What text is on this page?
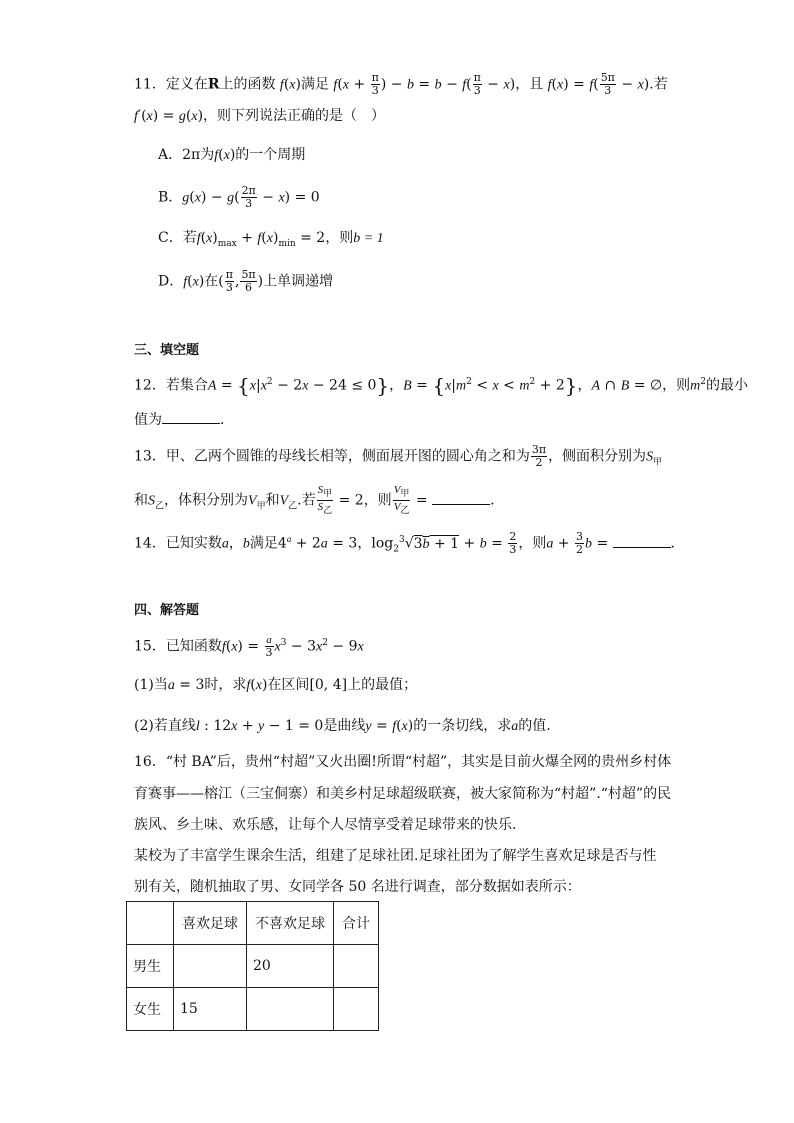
11．定义在R上的函数 f(x)满足 $f(x + \frac{\pi}{3}$ ) − $b = b - f( \frac{\pi}{3} - x)$，且 $f(x) = f( \frac{5\pi}{3} - x)$.若
f′(x) = g(x)，则下列说法正确的是（　）
A．2π为f(x)的一个周期
B．$g(x) - g( \frac{2\pi}{3} - x) = 0$
C．若$f(x)_{max} + f(x)_{min} = 2$，则b = 1
D．f(x)在( $\frac{\pi}{3}$ , $\frac{5\pi}{6}$ )上单调递增
三、填空题
12．若集合$A = \{x|x^2 - 2x - 24 \le 0\}$，$B = \{x|m^2 < x < m^2 + 2\}$，A ∩ B = ∅，则$m^2$的最小
值为	.
13．甲、乙两个圆锥的母线长相等，侧面展开图的圆心角之和为 $\frac{3\pi}{2}$ ，侧面积分别为$S_甲$
和$S_乙$，体积分别为$V_甲$和$V_乙$.若 $\frac{S_甲}{S_乙} = 2$，则 $\frac{V_甲}{V_乙}$ =	.
14．已知实数a，b满足$4^a + 2a = 3$，$\log_2^3√3b + 1 + b = \frac{2}{3}$ ，则$a + \frac{3}{2}$ b =	．
四、解答题
15．已知函数$f(x) = \frac{a}{3} x^3 - 3x^2 - 9x$
(1)当a = 3时，求f(x)在区间[0, 4]上的最值；
(2)若直线l : 12x + y − 1 = 0是曲线y = f(x)的一条切线，求a的值.
16．“村 BA”后，贵州“村超”又火出圈!所谓“村超”，其实是目前火爆全网的贵州乡村体
育赛事——榕江（三宝侗寨）和美乡村足球超级联赛，被大家简称为“村超”.“村超”的民
族风、乡土味、欢乐感，让每个人尽情享受着足球带来的快乐.
某校为了丰富学生课余生活，组建了足球社团.足球社团为了解学生喜欢足球是否与性
别有关，随机抽取了男、女同学各 50 名进行调查，部分数据如表所示：
	喜欢足球	不喜欢足球	合计
男生		20	
女生	15		
